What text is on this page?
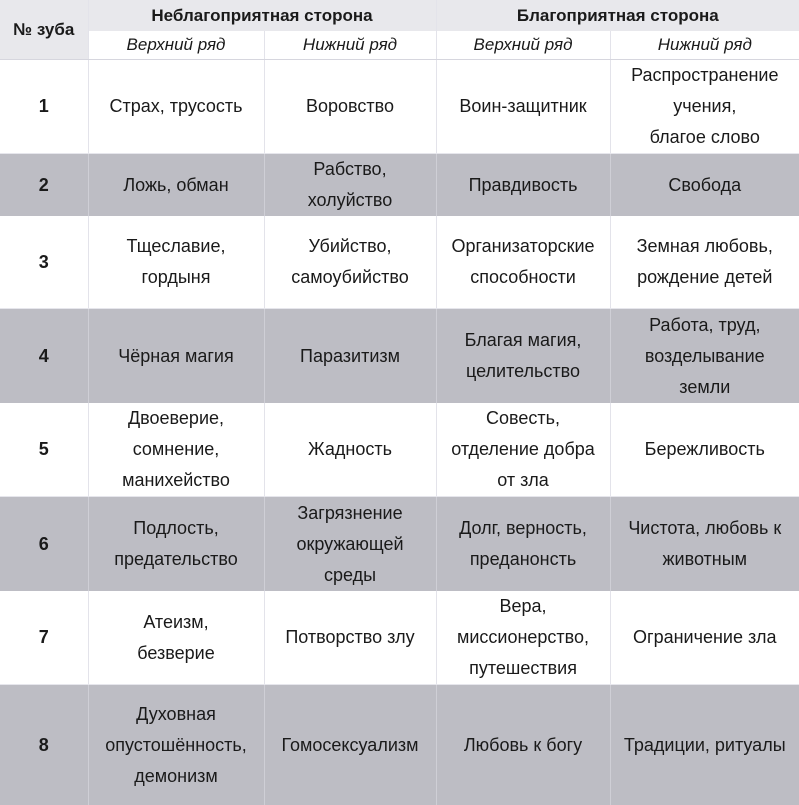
№ зуба	Неблагоприятная сторона		Благоприятная сторона	
	Верхний ряд	Нижний ряд	Верхний ряд	Нижний ряд
1	Страх, трусость	Воровство	Воин-защитник	Распространение
учения,
благое слово
2	Ложь, обман	Рабство,
холуйство	Правдивость	Свобода
3	Тщеславие,
гордыня	Убийство,
самоубийство	Организаторские
способности	Земная любовь,
рождение детей
4	Чёрная магия	Паразитизм	Благая магия,
целительство	Работа, труд,
возделывание
земли
5	Двоеверие,
сомнение,
манихейство	Жадность	Совесть,
отделение добра
от зла	Бережливость
6	Подлость,
предательство	Загрязнение
окружающей
среды	Долг, верность,
преданонсть	Чистота, любовь к
животным
7	Атеизм,
безверие	Потворство злу	Вера,
миссионерство,
путешествия	Ограничение зла
8	Духовная
опустошённость,
демонизм	Гомосексуализм	Любовь к богу	Традиции, ритуалы
